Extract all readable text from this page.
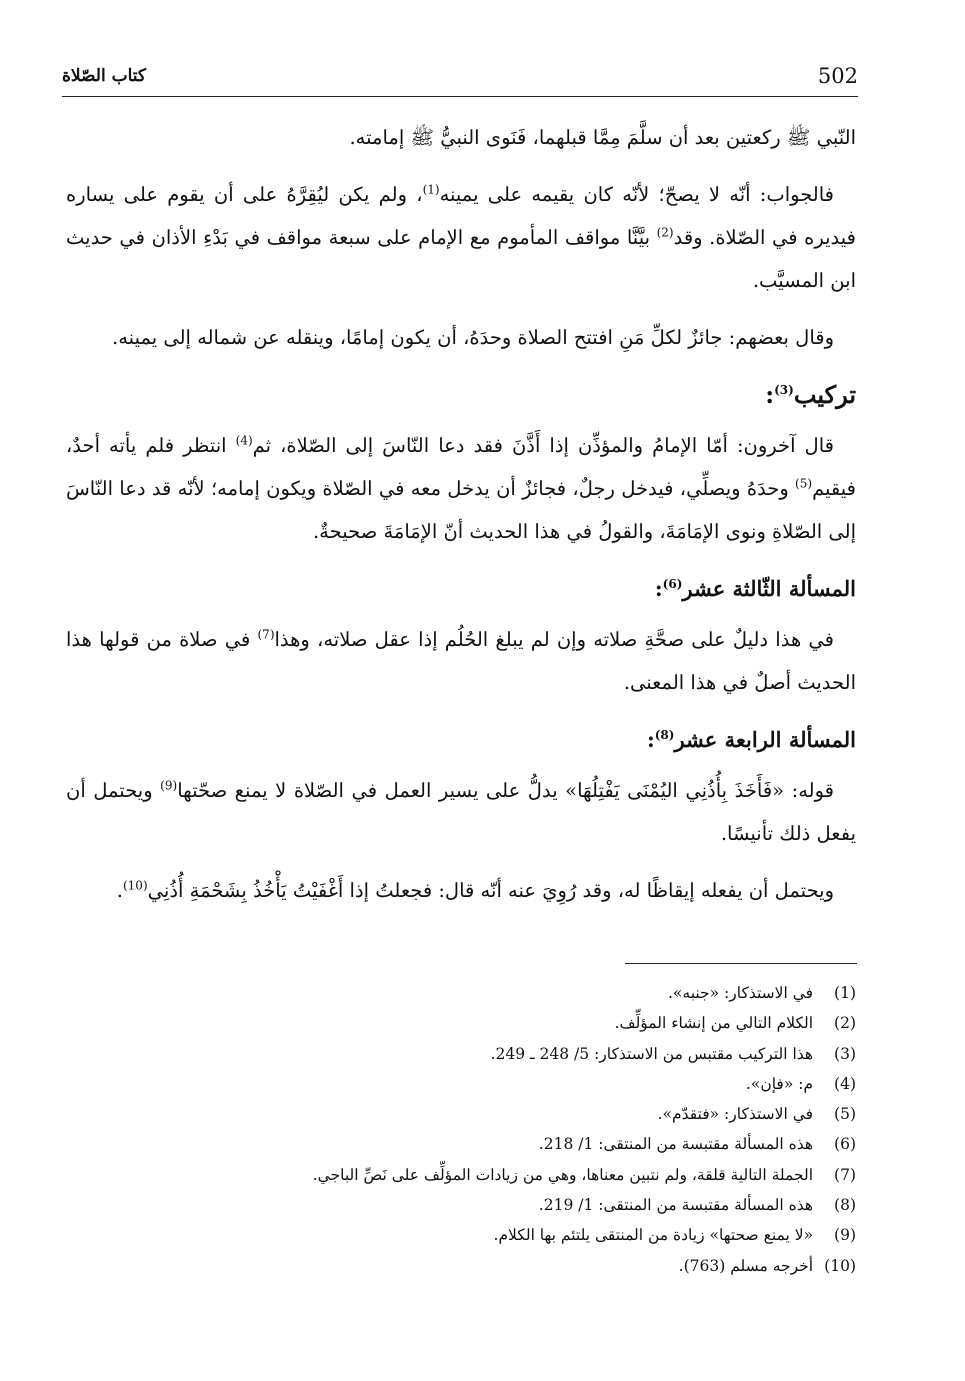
502
كتاب الصّلاة

النّبي ﷺ ركعتين بعد أن سلَّمَ مِمَّا قبلهما، فَنَوى النبيُّ ﷺ إمامته.

فالجواب: أنّه لا يصحّ؛ لأنّه كان يقيمه على يمينه$^{(1)}$، ولم يكن ليُقِرَّهُ على أن يقوم على يساره فيديره في الصّلاة. وقد$^{(2)}$ بيَّنَّا مواقف المأموم مع الإمام على سبعة مواقف في بَدْءِ الأذان في حديث ابن المسيَّب.

وقال بعضهم: جائزٌ لكلِّ مَنِ افتتح الصلاة وحدَهُ، أن يكون إمامًا، وينقله عن شماله إلى يمينه.

تركيب$^{(3)}$:

قال آخرون: أمّا الإمامُ والمؤذِّن إذا أَذَّنَ فقد دعا النّاسَ إلى الصّلاة، ثم$^{(4)}$ انتظر فلم يأته أحدٌ، فيقيم$^{(5)}$ وحدَهُ ويصلِّي، فيدخل رجلٌ، فجائزٌ أن يدخل معه في الصّلاة ويكون إمامه؛ لأنّه قد دعا النّاسَ إلى الصّلاةِ ونوى الإمَامَةَ، والقولُ في هذا الحديث أنّ الإمَامَةَ صحيحةٌ.

المسألة الثّالثة عشر$^{(6)}$:

في هذا دليلٌ على صحَّةِ صلاته وإن لم يبلغ الحُلُم إذا عقل صلاته، وهذا$^{(7)}$ في صلاة من قولها هذا الحديث أصلٌ في هذا المعنى.

المسألة الرابعة عشر$^{(8)}$:

قوله: «فَأَخَذَ بِأُذُنِي اليُمْنَى يَفْتِلُهَا» يدلُّ على يسير العمل في الصّلاة لا يمنع صحّتها$^{(9)}$ ويحتمل أن يفعل ذلك تأنيسًا.

ويحتمل أن يفعله إيقاظًا له، وقد رُوِيَ عنه أنّه قال: فجعلتُ إذا أَغْفَيْتُ يَأْخُذُ بِشَحْمَةِ أُذُنِي$^{(10)}$.

(1) في الاستذكار: «جنبه».
(2) الكلام التالي من إنشاء المؤلِّف.
(3) هذا التركيب مقتبس من الاستذكار: 5/ 248 ـ 249.
(4) م: «فإن».
(5) في الاستذكار: «فتقدّم».
(6) هذه المسألة مقتبسة من المنتقى: 1/ 218.
(7) الجملة التالية قلقة، ولم نتبين معناها، وهي من زيادات المؤلِّف على نَصِّ الباجي.
(8) هذه المسألة مقتبسة من المنتقى: 1/ 219.
(9) «لا يمنع صحتها» زيادة من المنتقى يلتئم بها الكلام.
(10) أخرجه مسلم (763).
